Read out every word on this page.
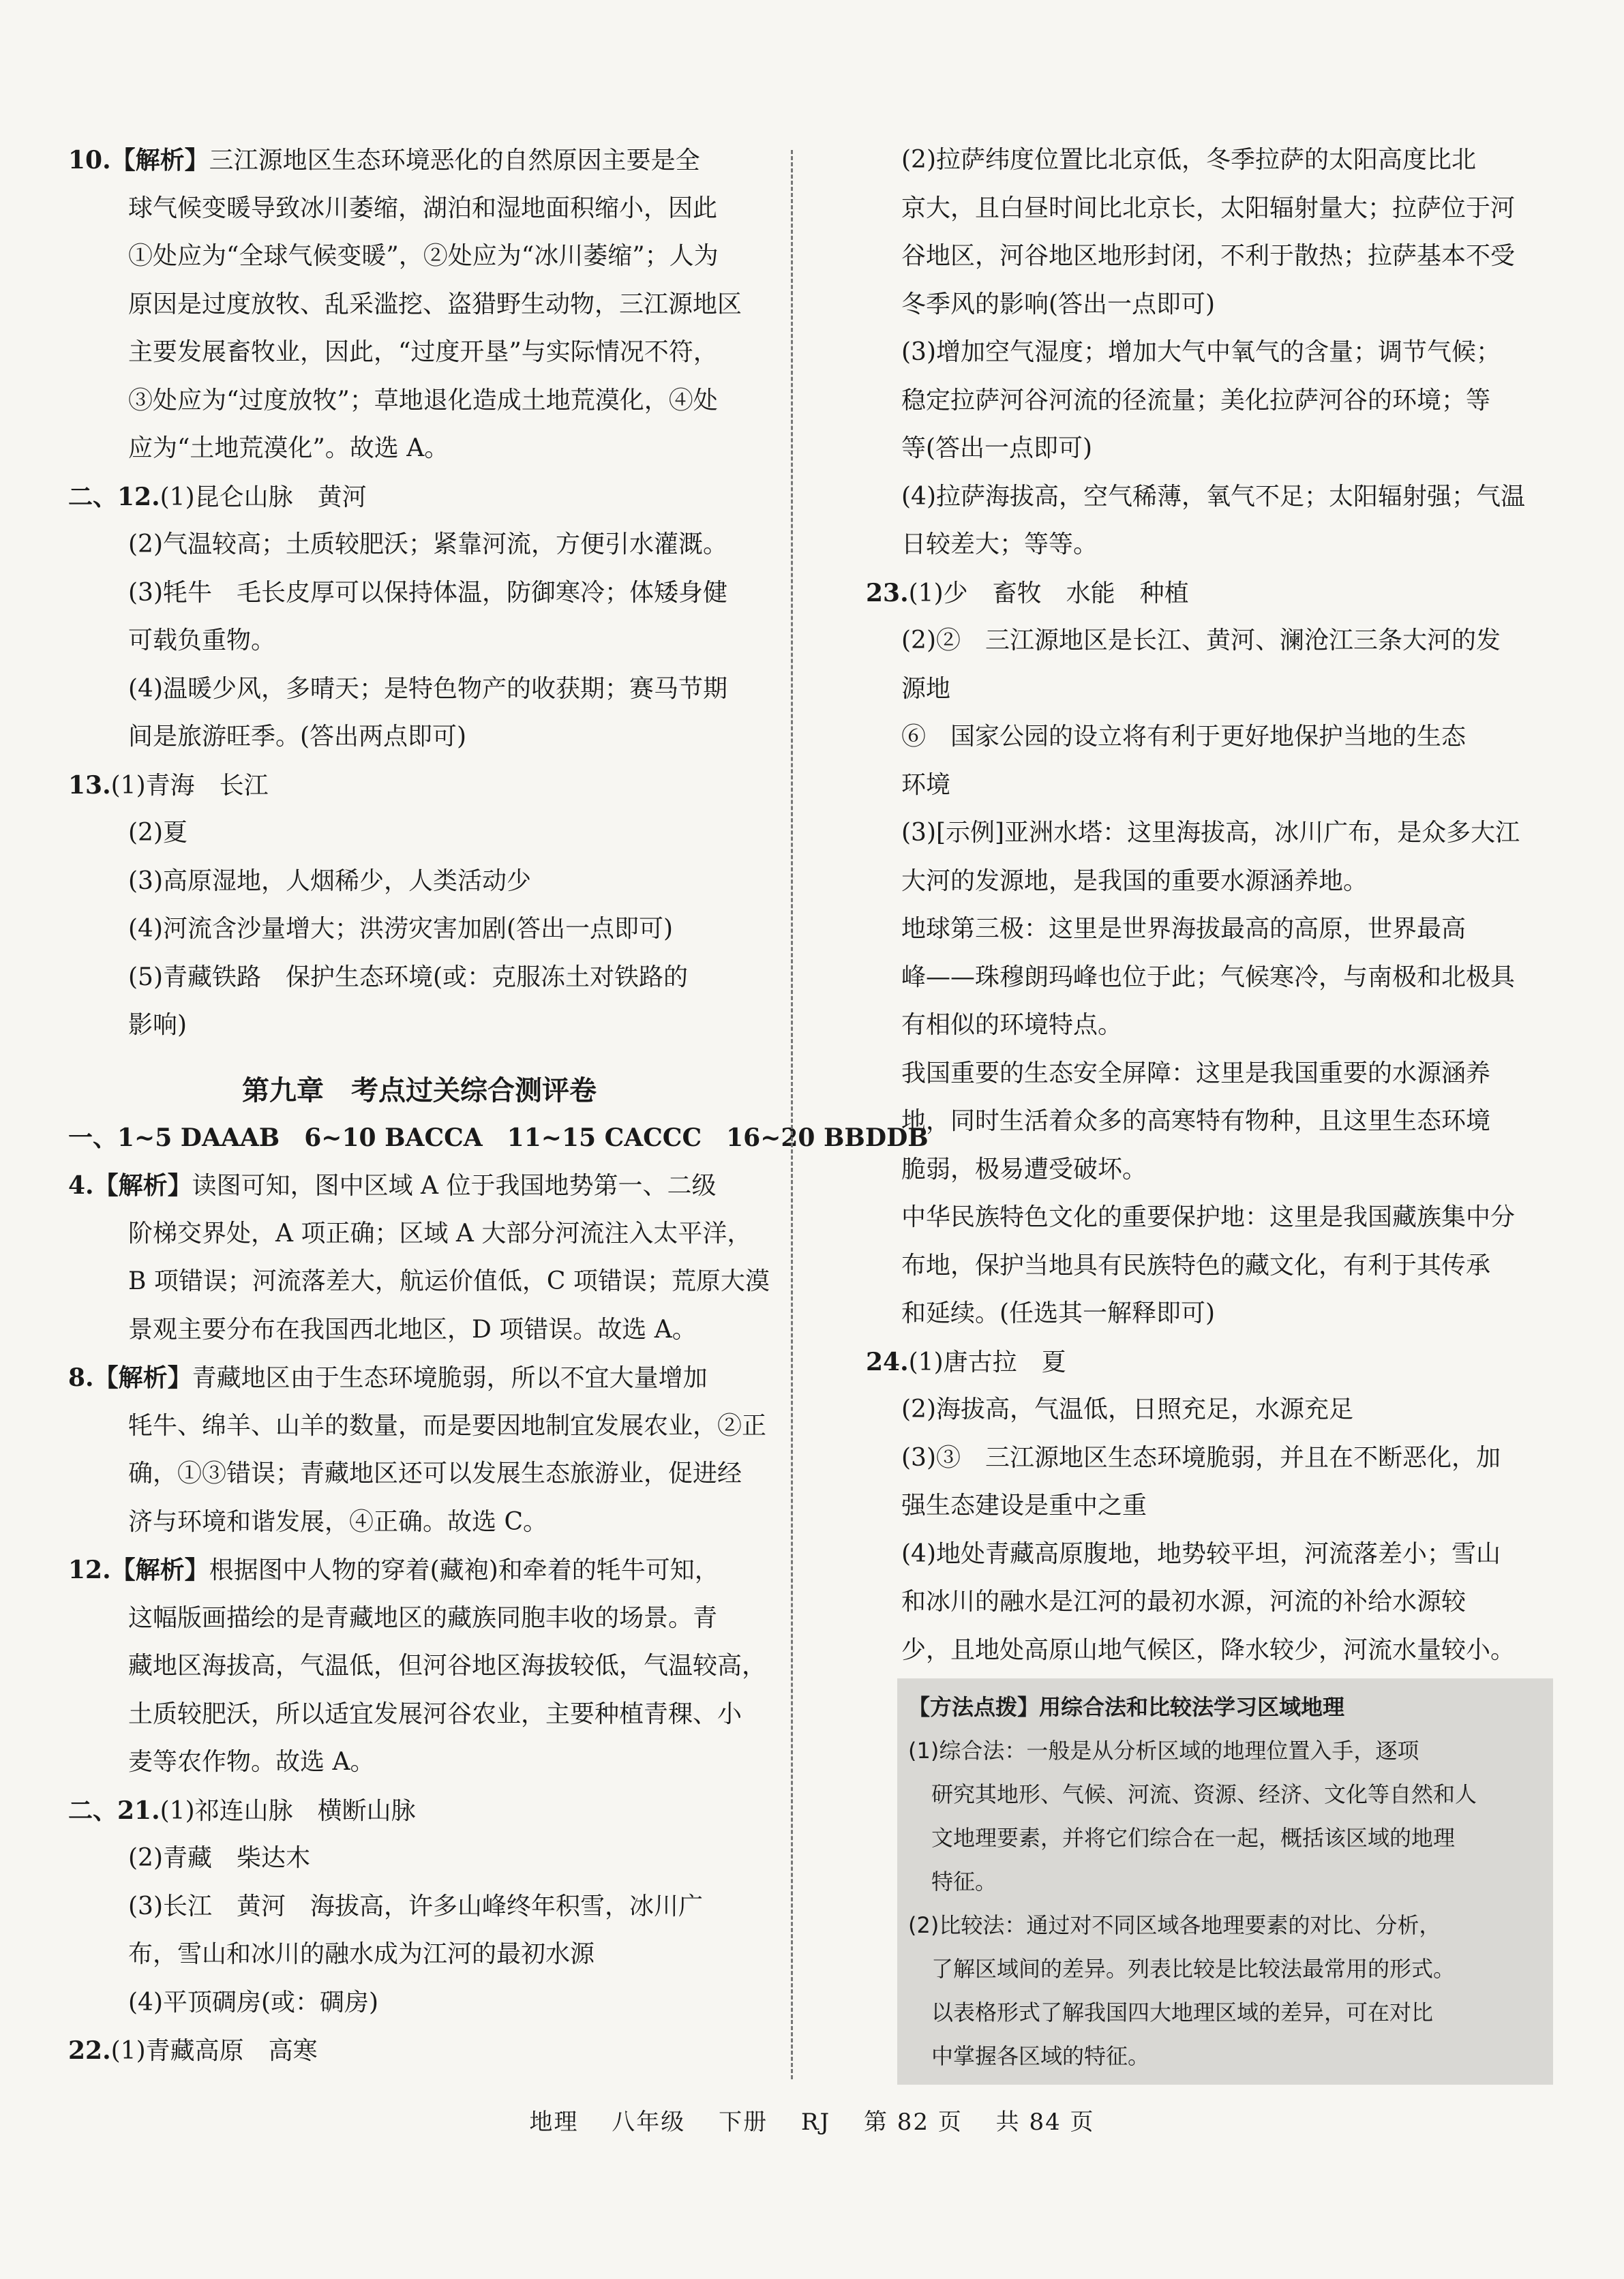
10.【解析】三江源地区生态环境恶化的自然原因主要是全
球气候变暖导致冰川萎缩，湖泊和湿地面积缩小，因此
①处应为“全球气候变暖”，②处应为“冰川萎缩”；人为
原因是过度放牧、乱采滥挖、盗猎野生动物，三江源地区
主要发展畜牧业，因此，“过度开垦”与实际情况不符，
③处应为“过度放牧”；草地退化造成土地荒漠化，④处
应为“土地荒漠化”。故选 A。
二、12.(1)昆仑山脉　黄河
(2)气温较高；土质较肥沃；紧靠河流，方便引水灌溉。
(3)牦牛　毛长皮厚可以保持体温，防御寒冷；体矮身健
可载负重物。
(4)温暖少风，多晴天；是特色物产的收获期；赛马节期
间是旅游旺季。(答出两点即可)
13.(1)青海　长江
(2)夏
(3)高原湿地，人烟稀少，人类活动少
(4)河流含沙量增大；洪涝灾害加剧(答出一点即可)
(5)青藏铁路　保护生态环境(或：克服冻土对铁路的
影响)
第九章　考点过关综合测评卷
一、1~5 DAAAB　6~10 BACCA　11~15 CACCC　16~20 BBDDB
4.【解析】读图可知，图中区域 A 位于我国地势第一、二级
阶梯交界处，A 项正确；区域 A 大部分河流注入太平洋，
B 项错误；河流落差大，航运价值低，C 项错误；荒原大漠
景观主要分布在我国西北地区，D 项错误。故选 A。
8.【解析】青藏地区由于生态环境脆弱，所以不宜大量增加
牦牛、绵羊、山羊的数量，而是要因地制宜发展农业，②正
确，①③错误；青藏地区还可以发展生态旅游业，促进经
济与环境和谐发展，④正确。故选 C。
12.【解析】根据图中人物的穿着(藏袍)和牵着的牦牛可知，
这幅版画描绘的是青藏地区的藏族同胞丰收的场景。青
藏地区海拔高，气温低，但河谷地区海拔较低，气温较高，
土质较肥沃，所以适宜发展河谷农业，主要种植青稞、小
麦等农作物。故选 A。
二、21.(1)祁连山脉　横断山脉
(2)青藏　柴达木
(3)长江　黄河　海拔高，许多山峰终年积雪，冰川广
布，雪山和冰川的融水成为江河的最初水源
(4)平顶碉房(或：碉房)
22.(1)青藏高原　高寒
(2)拉萨纬度位置比北京低，冬季拉萨的太阳高度比北
京大，且白昼时间比北京长，太阳辐射量大；拉萨位于河
谷地区，河谷地区地形封闭，不利于散热；拉萨基本不受
冬季风的影响(答出一点即可)
(3)增加空气湿度；增加大气中氧气的含量；调节气候；
稳定拉萨河谷河流的径流量；美化拉萨河谷的环境；等
等(答出一点即可)
(4)拉萨海拔高，空气稀薄，氧气不足；太阳辐射强；气温
日较差大；等等。
23.(1)少　畜牧　水能　种植
(2)②　三江源地区是长江、黄河、澜沧江三条大河的发
源地
⑥　国家公园的设立将有利于更好地保护当地的生态
环境
(3)[示例]亚洲水塔：这里海拔高，冰川广布，是众多大江
大河的发源地，是我国的重要水源涵养地。
地球第三极：这里是世界海拔最高的高原，世界最高
峰——珠穆朗玛峰也位于此；气候寒冷，与南极和北极具
有相似的环境特点。
我国重要的生态安全屏障：这里是我国重要的水源涵养
地，同时生活着众多的高寒特有物种，且这里生态环境
脆弱，极易遭受破坏。
中华民族特色文化的重要保护地：这里是我国藏族集中分
布地，保护当地具有民族特色的藏文化，有利于其传承
和延续。(任选其一解释即可)
24.(1)唐古拉　夏
(2)海拔高，气温低，日照充足，水源充足
(3)③　三江源地区生态环境脆弱，并且在不断恶化，加
强生态建设是重中之重
(4)地处青藏高原腹地，地势较平坦，河流落差小；雪山
和冰川的融水是江河的最初水源，河流的补给水源较
少，且地处高原山地气候区，降水较少，河流水量较小。
【方法点拨】用综合法和比较法学习区域地理
(1)综合法：一般是从分析区域的地理位置入手，逐项
研究其地形、气候、河流、资源、经济、文化等自然和人
文地理要素，并将它们综合在一起，概括该区域的地理
特征。
(2)比较法：通过对不同区域各地理要素的对比、分析，
了解区域间的差异。列表比较是比较法最常用的形式。
以表格形式了解我国四大地理区域的差异，可在对比
中掌握各区域的特征。
地理 八年级 下册 RJ 第 82 页 共 84 页
